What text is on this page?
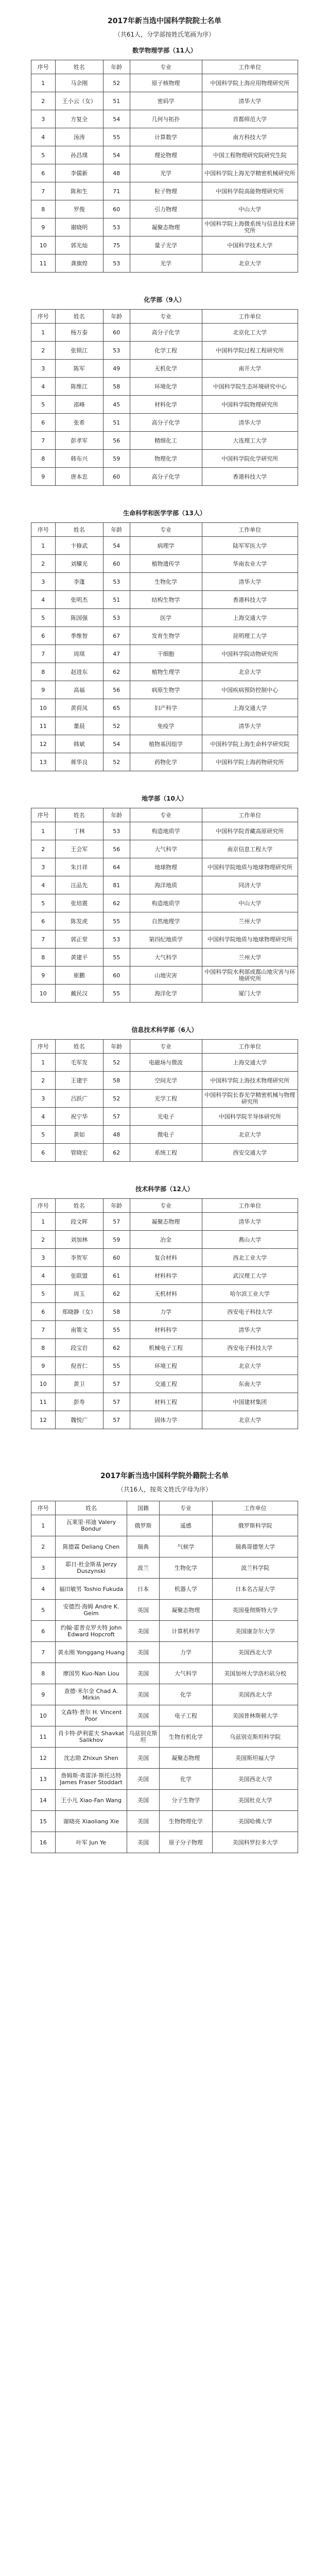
2017年新当选中国科学院院士名单
（共61人，分学部按姓氏笔画为序）
数学物理学部（11人）
序号	姓名	年龄	专业	工作单位
1	马余刚	52	原子核物理	中国科学院上海应用物理研究所
2	王小云（女）	51	密码学	清华大学
3	方复全	54	几何与拓扑	首都师范大学
4	汤涛	55	计算数学	南方科技大学
5	孙昌璞	54	理论物理	中国工程物理研究院研究生院
6	李儒新	48	光学	中国科学院上海光学精密机械研究所
7	陈和生	71	粒子物理	中国科学院高能物理研究所
8	罗俊	60	引力物理	中山大学
9	谢晓明	53	凝聚态物理	中国科学院上海微系统与信息技术研究所
10	郭光灿	75	量子光学	中国科学技术大学
11	龚旗煌	53	光学	北京大学
化学部（9人）
序号	姓名	年龄	专业	工作单位
1	杨万泰	60	高分子化学	北京化工大学
2	张锁江	53	化学工程	中国科学院过程工程研究所
3	陈军	49	无机化学	南开大学
4	陈维江	58	环境化学	中国科学院生态环境研究中心
5	邵峰	45	材料化学	中国科学院物理研究所
6	张希	51	高分子化学	清华大学
7	彭孝军	56	精细化工	大连理工大学
8	韩布兴	59	物理化学	中国科学院化学研究所
9	唐本忠	60	高分子化学	香港科技大学
生命科学和医学学部（13人）
序号	姓名	年龄	专业	工作单位
1	卞修武	54	病理学	陆军军医大学
2	刘耀光	60	植物遗传学	华南农业大学
3	李蓬	53	生物化学	清华大学
4	张明杰	51	结构生物学	香港科技大学
5	陈国强	53	医学	上海交通大学
6	季维智	67	发育生物学	昆明理工大学
7	周琪	47	干细胞	中国科学院动物研究所
8	赵进东	62	植物生理学	北京大学
9	高福	56	病原生物学	中国疾病预防控制中心
10	黄荷凤	65	妇产科学	上海交通大学
11	董晨	52	免疫学	清华大学
12	韩斌	54	植物基因组学	中国科学院上海生命科学研究院
13	蒋华良	52	药物化学	中国科学院上海药物研究所
地学部（10人）
序号	姓名	年龄	专业	工作单位
1	丁林	53	构造地质学	中国科学院青藏高原研究所
2	王会军	56	大气科学	南京信息工程大学
3	朱日祥	64	地球物理	中国科学院地质与地球物理研究所
4	汪品先	81	海洋地质	同济大学
5	张培震	62	构造地质学	中山大学
6	陈发虎	55	自然地理学	兰州大学
7	郭正堂	53	第四纪地质学	中国科学院地质与地球物理研究所
8	黄建平	55	大气科学	兰州大学
9	崔鹏	60	山地灾害	中国科学院水利部成都山地灾害与环境研究所
10	戴民汉	55	海洋化学	厦门大学
信息技术科学部（6人）
序号	姓名	年龄	专业	工作单位
1	毛军发	52	电磁场与微波	上海交通大学
2	王建宇	58	空间光学	中国科学院上海技术物理研究所
3	吕跃广	52	光学工程	中国科学院长春光学精密机械与物理研究所
4	祝宁华	57	光电子	中国科学院半导体研究所
5	黄如	48	微电子	北京大学
6	管晓宏	62	系统工程	西安交通大学
技术科学部（12人）
序号	姓名	年龄	专业	工作单位
1	段文晖	57	凝聚态物理	清华大学
2	刘加林	59	冶金	燕山大学
3	李贺军	60	复合材料	西北工业大学
4	张联盟	61	材料科学	武汉理工大学
5	周玉	62	无机材料	哈尔滨工业大学
6	郑晓静（女）	58	力学	西安电子科技大学
7	南策文	55	材料科学	清华大学
8	段宝岩	62	机械电子工程	西安电子科技大学
9	倪晋仁	55	环境工程	北京大学
10	黄卫	57	交通工程	东南大学
11	彭寿	57	材料工程	中国建材集团
12	魏悦广	57	固体力学	北京大学
2017年新当选中国科学院外籍院士名单
（共16人，按英文姓氏字母为序）
序号	姓名	国籍	专业	工作单位
1	瓦莱里·邦迪 Valery Bondur	俄罗斯	遥感	俄罗斯科学院
2	陈德霖 Deliang Chen	瑞典	气候学	瑞典哥德堡大学
3	耶日·杜金斯基 Jerzy Duszynski	波兰	生物化学	波兰科学院
4	福田敏男 Toshio Fukuda	日本	机器人学	日本名古屋大学
5	安德烈·海姆 Andre K. Geim	英国	凝聚态物理	英国曼彻斯特大学
6	约翰·霍普克罗夫特 John Edward Hopcroft	美国	计算机科学	美国康奈尔大学
7	黄永刚 Yonggang Huang	美国	力学	美国西北大学
8	廖国男 Kuo-Nan Liou	美国	大气科学	美国加州大学洛杉矶分校
9	查德·米尔金 Chad A. Mirkin	美国	化学	美国西北大学
10	文森特·普尔 H. Vincent Poor	美国	电子工程	美国普林斯顿大学
11	肖卡特·萨利霍夫 Shavkat Salikhov	乌兹别克斯坦	生物有机化学	乌兹别克斯坦科学院
12	沈志勋 Zhixun Shen	美国	凝聚态物理	美国斯坦福大学
13	詹姆斯·弗雷泽·斯托达特 James Fraser Stoddart	美国	化学	美国西北大学
14	王小凡 Xiao-Fan Wang	美国	分子生物学	美国杜克大学
15	谢晓亮 Xiaoliang Xie	美国	生物物理化学	美国哈佛大学
16	叶军 Jun Ye	美国	原子分子物理	美国科罗拉多大学
